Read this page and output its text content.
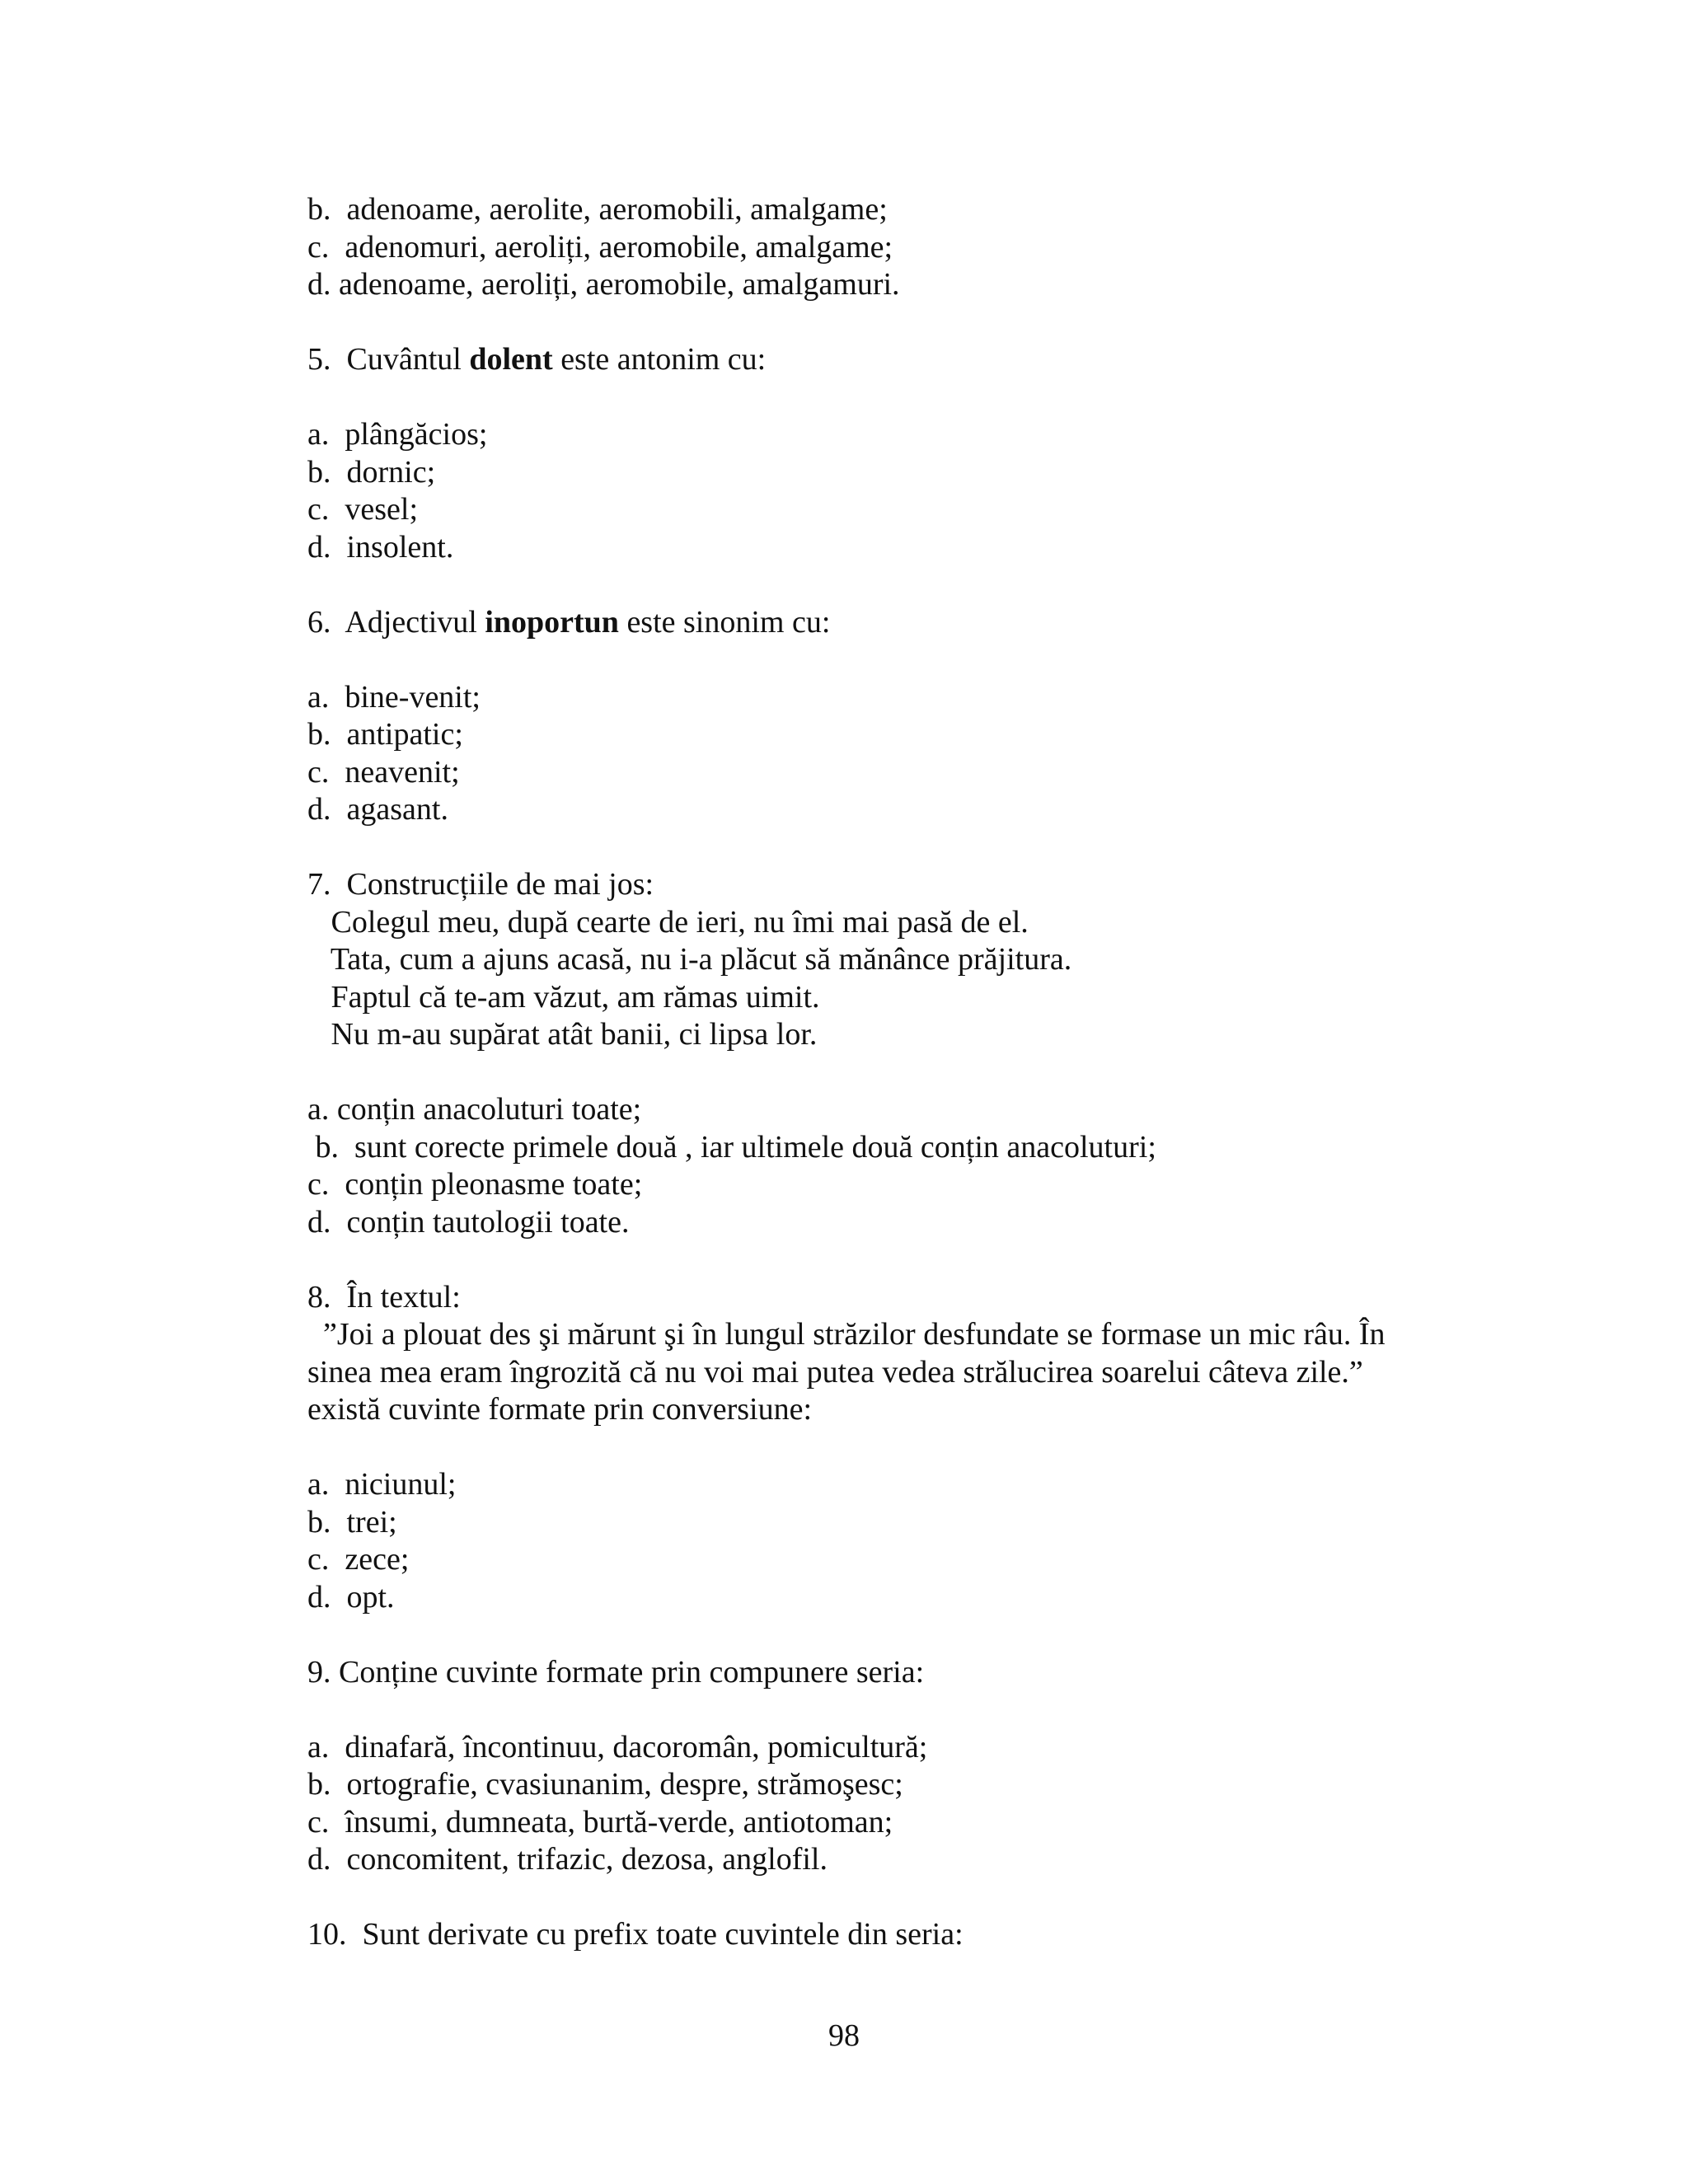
b.  adenoame, aerolite, aeromobili, amalgame;
c.  adenomuri, aeroliți, aeromobile, amalgame;
d. adenoame, aeroliți, aeromobile, amalgamuri.
5.  Cuvântul dolent este antonim cu:
a.  plângăcios;
b.  dornic;
c.  vesel;
d.  insolent.
6.  Adjectivul inoportun este sinonim cu:
a.  bine-venit;
b.  antipatic;
c.  neavenit;
d.  agasant.
7.  Construcțiile de mai jos:
Colegul meu, după cearte de ieri, nu îmi mai pasă de el.
Tata, cum a ajuns acasă, nu i-a plăcut să mănânce prăjitura.
Faptul că te-am văzut, am rămas uimit.
Nu m-au supărat atât banii, ci lipsa lor.
a. conțin anacoluturi toate;
b.  sunt corecte primele două , iar ultimele două conțin anacoluturi;
c.  conțin pleonasme toate;
d.  conțin tautologii toate.
8.  În textul:
”Joi a plouat des şi mărunt şi în lungul străzilor desfundate se formase un mic râu. În
sinea mea eram îngrozită că nu voi mai putea vedea strălucirea soarelui câteva zile.”
există cuvinte formate prin conversiune:
a.  niciunul;
b.  trei;
c.  zece;
d.  opt.
9. Conține cuvinte formate prin compunere seria:
a.  dinafară, încontinuu, dacoromân, pomicultură;
b.  ortografie, cvasiunanim, despre, strămoşesc;
c.  însumi, dumneata, burtă-verde, antiotoman;
d.  concomitent, trifazic, dezosa, anglofil.
10.  Sunt derivate cu prefix toate cuvintele din seria:
98
